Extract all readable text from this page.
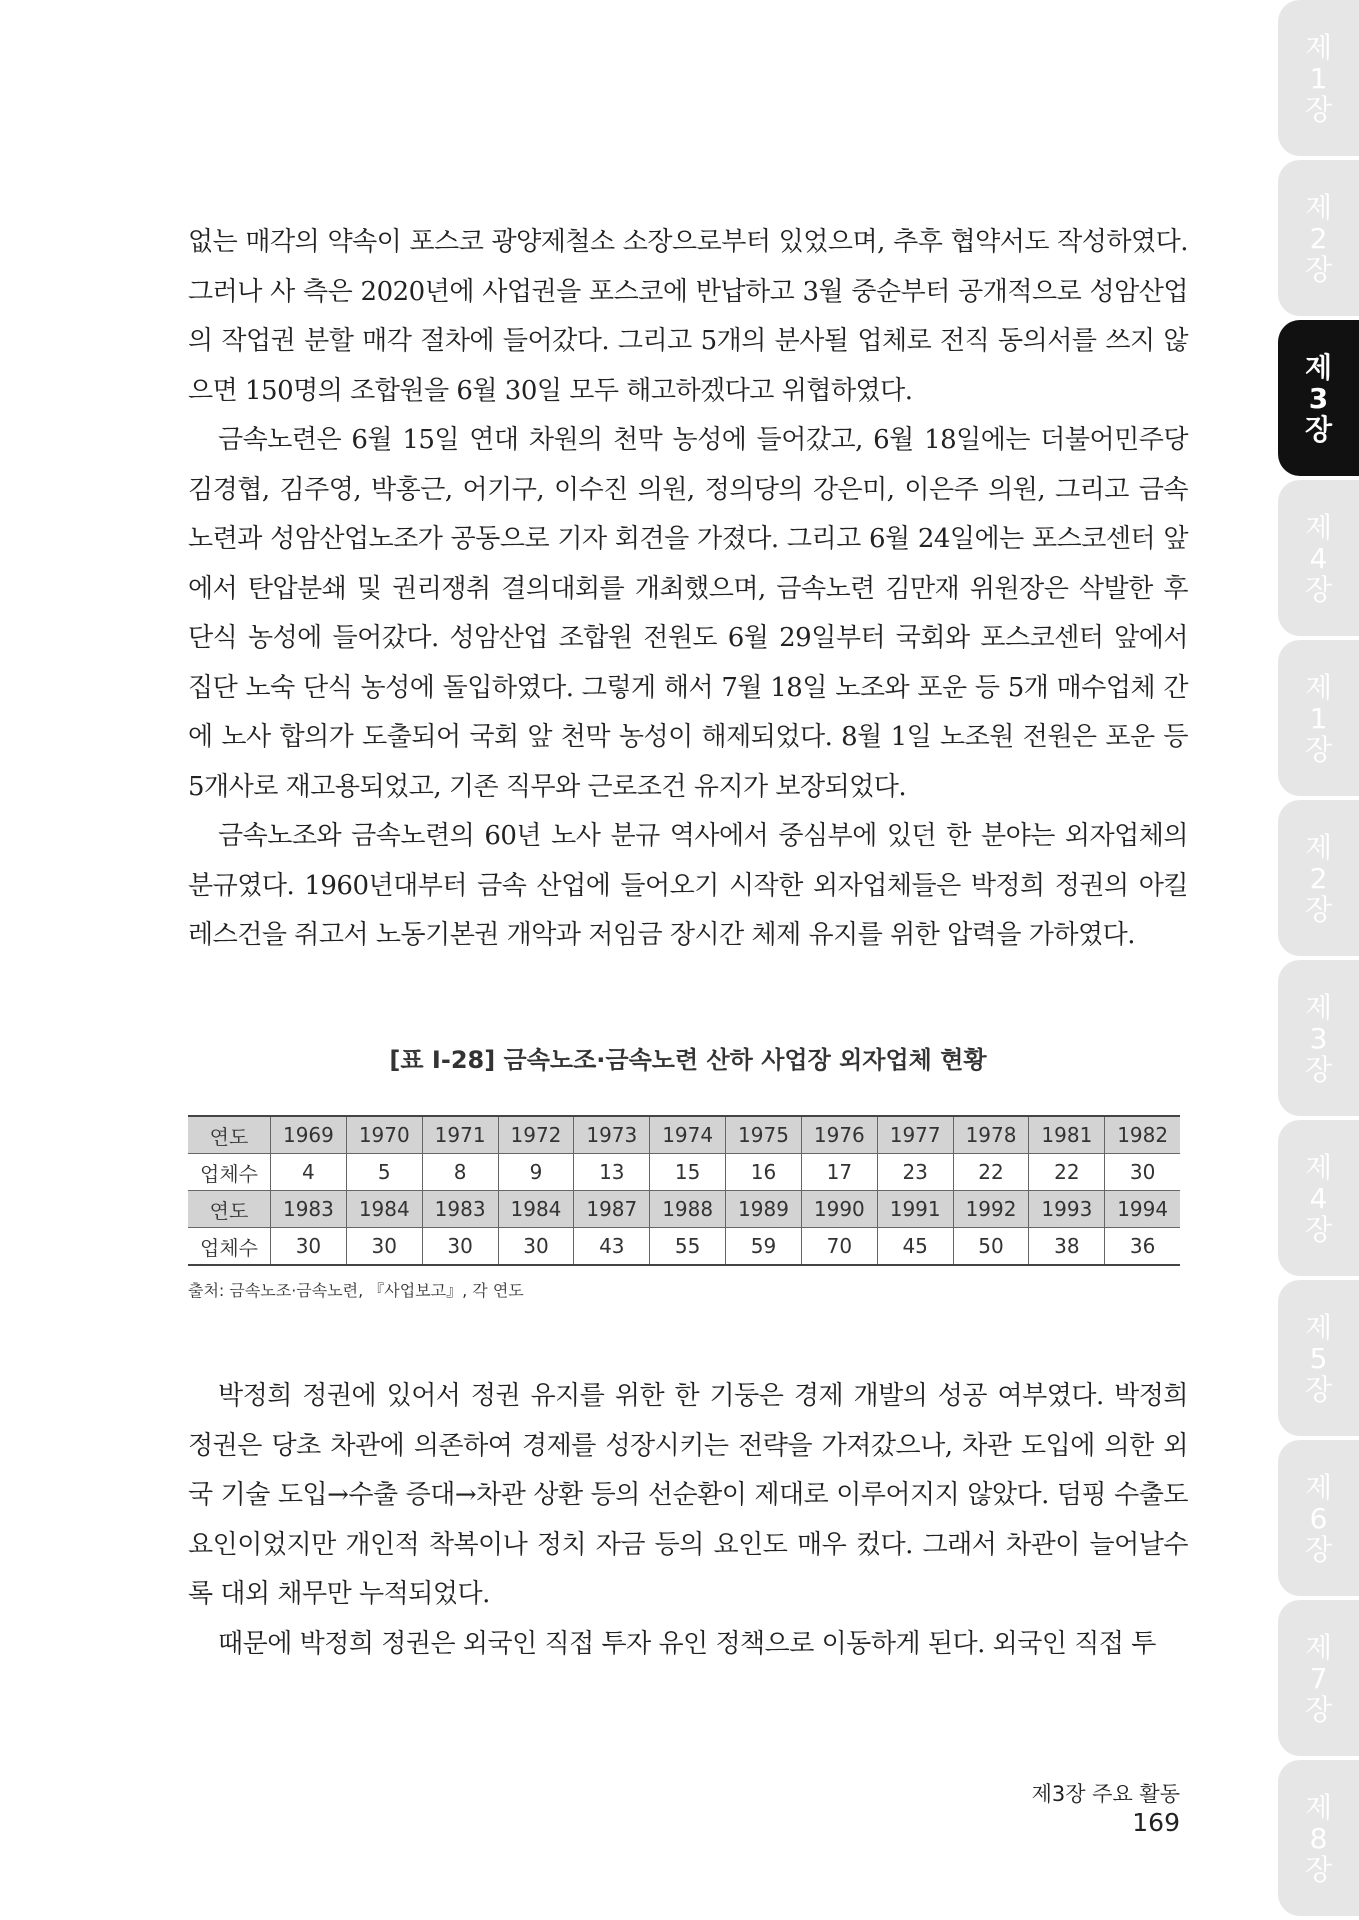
없는 매각의 약속이 포스코 광양제철소 소장으로부터 있었으며, 추후 협약서도 작성하였다. 그러나 사 측은 2020년에 사업권을 포스코에 반납하고 3월 중순부터 공개적으로 성암산업의 작업권 분할 매각 절차에 들어갔다. 그리고 5개의 분사될 업체로 전직 동의서를 쓰지 않으면 150명의 조합원을 6월 30일 모두 해고하겠다고 위협하였다.

금속노련은 6월 15일 연대 차원의 천막 농성에 들어갔고, 6월 18일에는 더불어민주당 김경협, 김주영, 박홍근, 어기구, 이수진 의원, 정의당의 강은미, 이은주 의원, 그리고 금속노련과 성암산업노조가 공동으로 기자 회견을 가졌다. 그리고 6월 24일에는 포스코센터 앞에서 탄압분쇄 및 권리쟁취 결의대회를 개최했으며, 금속노련 김만재 위원장은 삭발한 후 단식 농성에 들어갔다. 성암산업 조합원 전원도 6월 29일부터 국회와 포스코센터 앞에서 집단 노숙 단식 농성에 돌입하였다. 그렇게 해서 7월 18일 노조와 포운 등 5개 매수업체 간에 노사 합의가 도출되어 국회 앞 천막 농성이 해제되었다. 8월 1일 노조원 전원은 포운 등 5개사로 재고용되었고, 기존 직무와 근로조건 유지가 보장되었다.

금속노조와 금속노련의 60년 노사 분규 역사에서 중심부에 있던 한 분야는 외자업체의 분규였다. 1960년대부터 금속 산업에 들어오기 시작한 외자업체들은 박정희 정권의 아킬레스건을 쥐고서 노동기본권 개악과 저임금 장시간 체제 유지를 위한 압력을 가하였다.

[표 Ⅰ-28] 금속노조·금속노련 산하 사업장 외자업체 현황
연도	1969	1970	1971	1972	1973	1974	1975	1976	1977	1978	1981	1982
업체수	4	5	8	9	13	15	16	17	23	22	22	30
연도	1983	1984	1983	1984	1987	1988	1989	1990	1991	1992	1993	1994
업체수	30	30	30	30	43	55	59	70	45	50	38	36
출처: 금속노조·금속노련, 『사업보고』, 각 연도

박정희 정권에 있어서 정권 유지를 위한 한 기둥은 경제 개발의 성공 여부였다. 박정희 정권은 당초 차관에 의존하여 경제를 성장시키는 전략을 가져갔으나, 차관 도입에 의한 외국 기술 도입→수출 증대→차관 상환 등의 선순환이 제대로 이루어지지 않았다. 덤핑 수출도 요인이었지만 개인적 착복이나 정치 자금 등의 요인도 매우 컸다. 그래서 차관이 늘어날수록 대외 채무만 누적되었다.

때문에 박정희 정권은 외국인 직접 투자 유인 정책으로 이동하게 된다. 외국인 직접 투

제3장 주요 활동169
제
1
장
제
2
장
제
3
장
제
4
장
제
1
장
제
2
장
제
3
장
제
4
장
제
5
장
제
6
장
제
7
장
제
8
장
